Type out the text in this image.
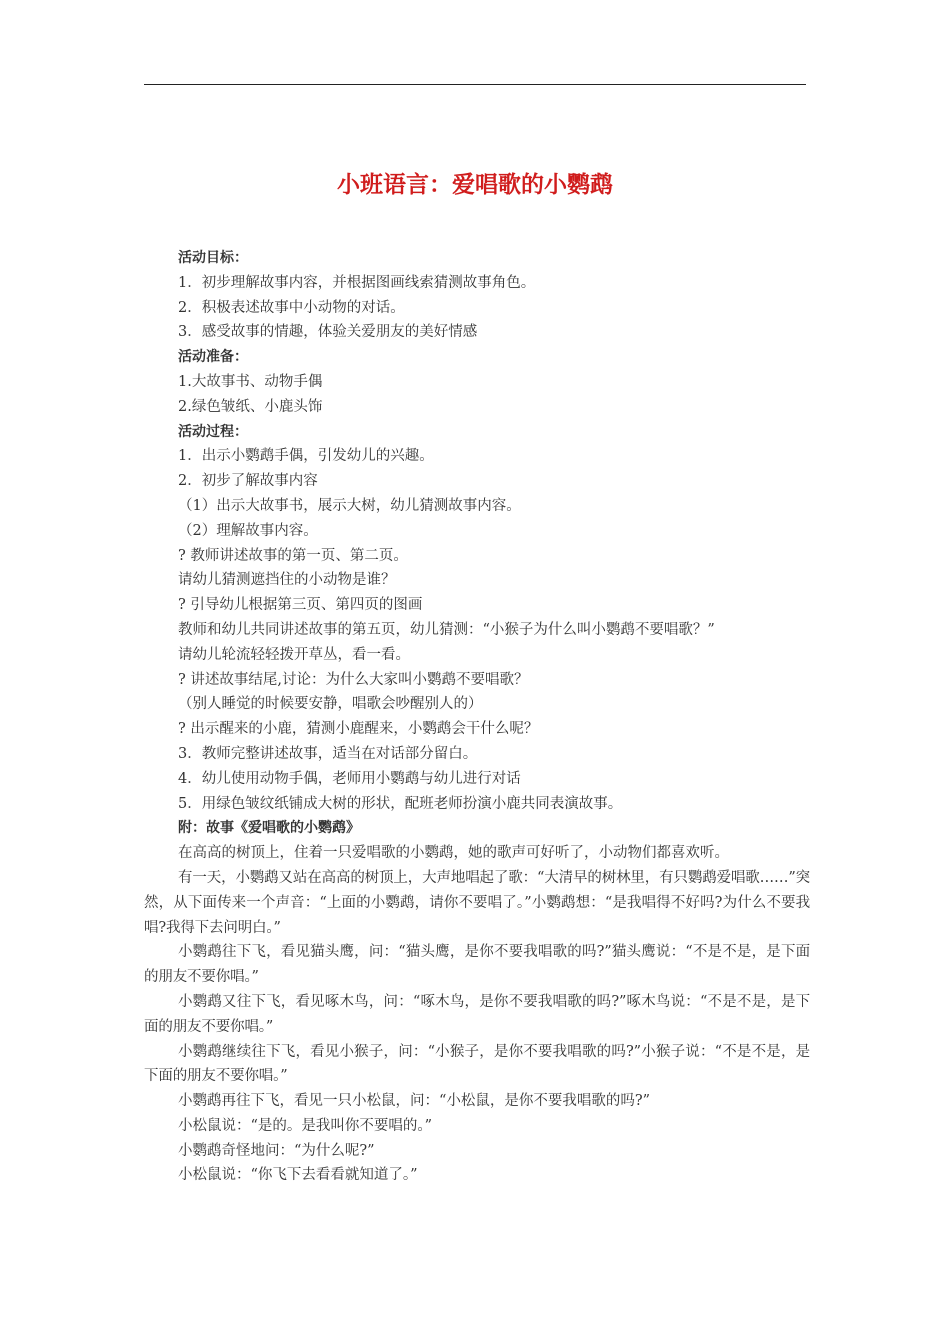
小班语言：爱唱歌的小鹦鹉

活动目标：

1．初步理解故事内容，并根据图画线索猜测故事角色。

2．积极表述故事中小动物的对话。

3．感受故事的情趣，体验关爱朋友的美好情感

活动准备：

1.大故事书、动物手偶

2.绿色皱纸、小鹿头饰

活动过程：

1．出示小鹦鹉手偶，引发幼儿的兴趣。

2．初步了解故事内容

（1）出示大故事书，展示大树，幼儿猜测故事内容。

（2）理解故事内容。

? 教师讲述故事的第一页、第二页。

请幼儿猜测遮挡住的小动物是谁？

? 引导幼儿根据第三页、第四页的图画

教师和幼儿共同讲述故事的第五页，幼儿猜测：“小猴子为什么叫小鹦鹉不要唱歌？”

请幼儿轮流轻轻拨开草丛，看一看。

? 讲述故事结尾,讨论：为什么大家叫小鹦鹉不要唱歌？

（别人睡觉的时候要安静，唱歌会吵醒别人的）

? 出示醒来的小鹿，猜测小鹿醒来，小鹦鹉会干什么呢？

3．教师完整讲述故事，适当在对话部分留白。

4．幼儿使用动物手偶，老师用小鹦鹉与幼儿进行对话

5．用绿色皱纹纸铺成大树的形状，配班老师扮演小鹿共同表演故事。

附：故事《爱唱歌的小鹦鹉》

在高高的树顶上，住着一只爱唱歌的小鹦鹉，她的歌声可好听了，小动物们都喜欢听。

有一天，小鹦鹉又站在高高的树顶上，大声地唱起了歌：“大清早的树林里，有只鹦鹉爱唱歌……”突然，从下面传来一个声音：“上面的小鹦鹉，请你不要唱了。”小鹦鹉想：“是我唱得不好吗?为什么不要我唱?我得下去问明白。”

小鹦鹉往下飞，看见猫头鹰，问：“猫头鹰，是你不要我唱歌的吗?”猫头鹰说：“不是不是，是下面的朋友不要你唱。”

小鹦鹉又往下飞，看见啄木鸟，问：“啄木鸟，是你不要我唱歌的吗?”啄木鸟说：“不是不是，是下面的朋友不要你唱。”

小鹦鹉继续往下飞，看见小猴子，问：“小猴子，是你不要我唱歌的吗?”小猴子说：“不是不是，是下面的朋友不要你唱。”

小鹦鹉再往下飞，看见一只小松鼠，问：“小松鼠，是你不要我唱歌的吗?”

小松鼠说：“是的。是我叫你不要唱的。”

小鹦鹉奇怪地问：“为什么呢?”

小松鼠说：“你飞下去看看就知道了。”
